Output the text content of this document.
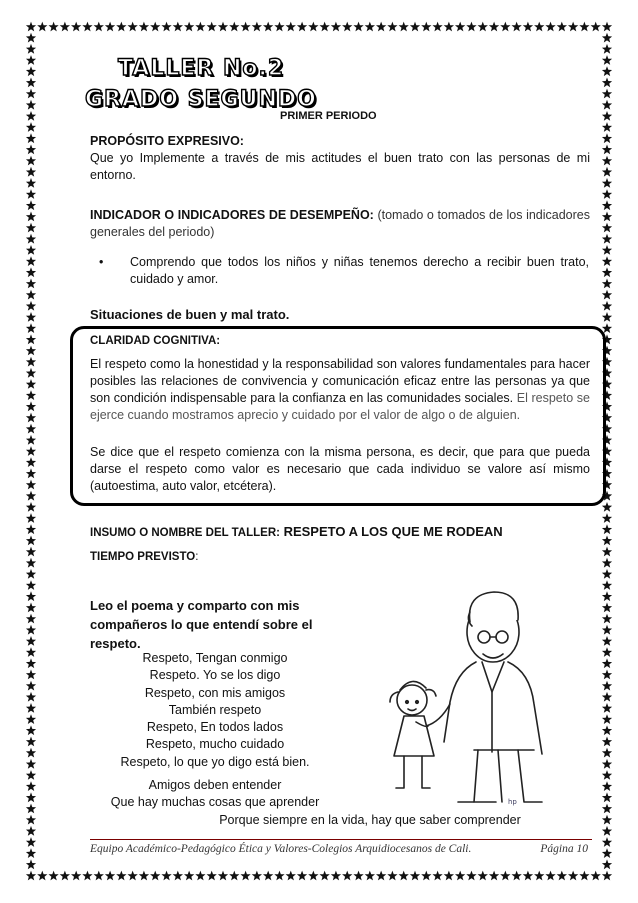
TALLER No.2
GRADO SEGUNDO
PRIMER PERIODO
PROPÓSITO EXPRESIVO:
Que yo Implemente a través de mis actitudes el buen trato con las personas de mi entorno.
INDICADOR O INDICADORES DE DESEMPEÑO: (tomado o tomados de los indicadores generales del periodo)
• Comprendo que todos los niños y niñas tenemos derecho a recibir buen trato, cuidado y amor.
Situaciones de buen y mal trato.
CLARIDAD COGNITIVA:
El respeto como la honestidad y la responsabilidad son valores fundamentales para hacer posibles las relaciones de convivencia y comunicación eficaz entre las personas ya que son condición indispensable para la confianza en las comunidades sociales. El respeto se ejerce cuando mostramos aprecio y cuidado por el valor de algo o de alguien.
Se dice que el respeto comienza con la misma persona, es decir, que para que pueda darse el respeto como valor es necesario que cada individuo se valore así mismo (autoestima, auto valor, etcétera).
INSUMO O NOMBRE DEL TALLER: RESPETO A LOS QUE ME RODEAN
TIEMPO PREVISTO:
Leo el poema y comparto con mis compañeros lo que entendí sobre el respeto.
Respeto, Tengan conmigo
Respeto. Yo se los digo
Respeto, con mis amigos
También respeto
Respeto, En todos lados
Respeto, mucho cuidado
Respeto, lo que yo digo está bien.
Amigos deben entender
Que hay muchas cosas que aprender
Porque siempre en la vida, hay que saber comprender
hp
Equipo Académico-Pedagógico Ética y Valores-Colegios Arquidiocesanos de Cali.	Página 10
